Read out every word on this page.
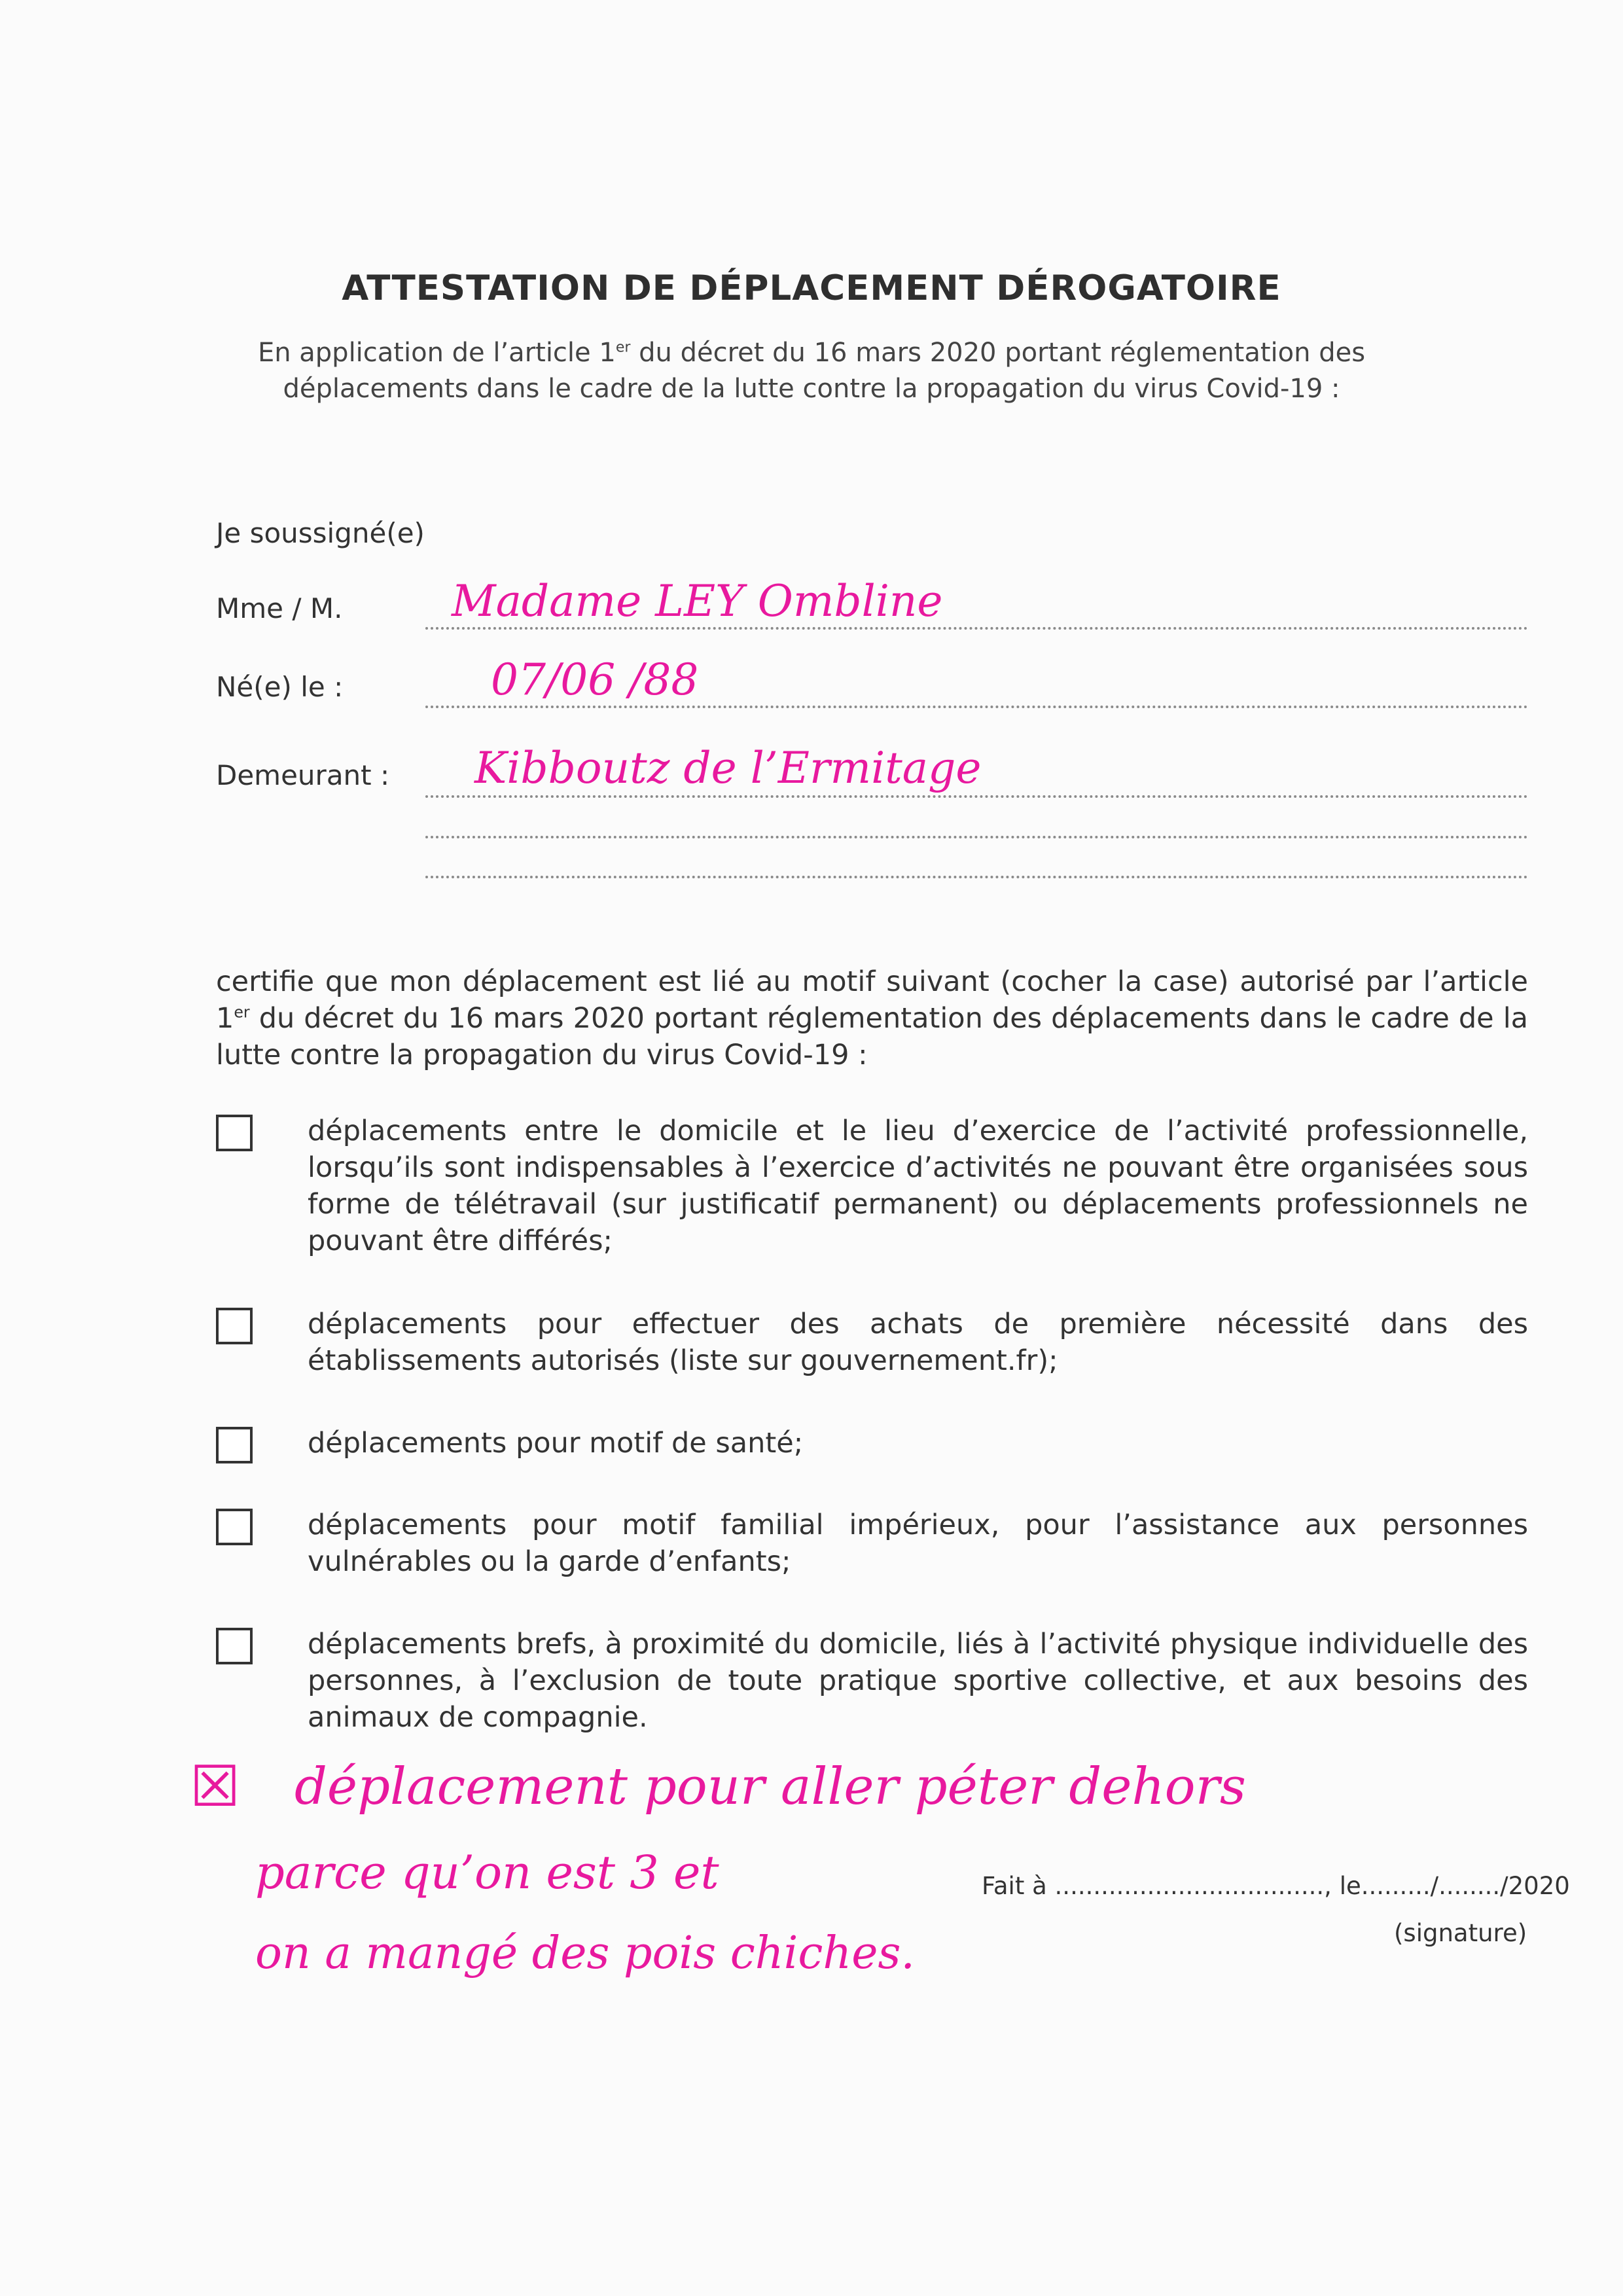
ATTESTATION DE DÉPLACEMENT DÉROGATOIRE
En application de l’article 1er du décret du 16 mars 2020 portant réglementation des déplacements dans le cadre de la lutte contre la propagation du virus Covid-19 :
Je soussigné(e)
Mme / M.	Madame LEY Ombline
Né(e) le :	07/06 /88
Demeurant : Kibboutz de l’Ermitage
certifie que mon déplacement est lié au motif suivant (cocher la case) autorisé par l’article 1er du décret du 16 mars 2020 portant réglementation des déplacements dans le cadre de la lutte contre la propagation du virus Covid-19 :
déplacements entre le domicile et le lieu d’exercice de l’activité professionnelle, lorsqu’ils sont indispensables à l’exercice d’activités ne pouvant être organisées sous forme de télétravail (sur justificatif permanent) ou déplacements professionnels ne pouvant être différés;
déplacements pour effectuer des achats de première nécessité dans des établissements autorisés (liste sur gouvernement.fr);
déplacements pour motif de santé;
déplacements pour motif familial impérieux, pour l’assistance aux personnes vulnérables ou la garde d’enfants;
déplacements brefs, à proximité du domicile, liés à l’activité physique individuelle des personnes, à l’exclusion de toute pratique sportive collective, et aux besoins des animaux de compagnie.
☒ déplacement pour aller péter dehors
parce qu’on est 3 et
on a mangé des pois chiches.
Fait à ..................................., le........./......../2020
(signature)
